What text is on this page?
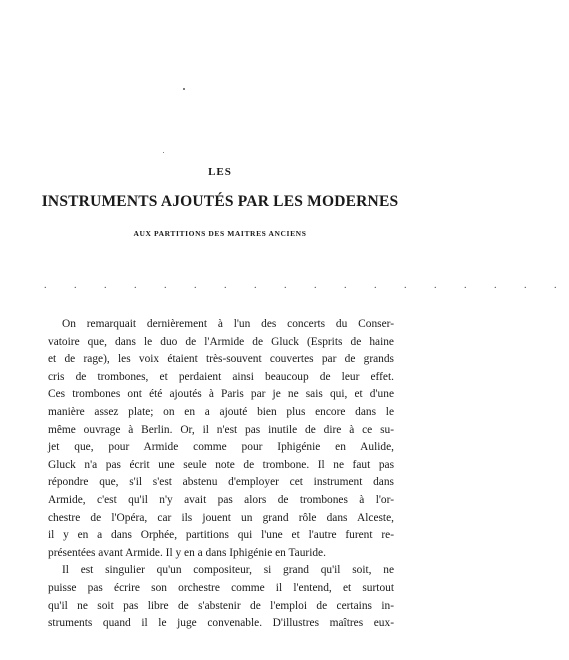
LES
INSTRUMENTS AJOUTÉS PAR LES MODERNES
AUX PARTITIONS DES MAITRES ANCIENS
. . . . . . . . . . . . . . . . . .
On remarquait dernièrement à l'un des concerts du Conser-
vatoire que, dans le duo de l'Armide de Gluck (Esprits de haine
et de rage), les voix étaient très-souvent couvertes par de grands
cris de trombones, et perdaient ainsi beaucoup de leur effet.
Ces trombones ont été ajoutés à Paris par je ne sais qui, et d'une
manière assez plate; on en a ajouté bien plus encore dans le
même ouvrage à Berlin. Or, il n'est pas inutile de dire à ce su-
jet que, pour Armide comme pour Iphigénie en Aulide,
Gluck n'a pas écrit une seule note de trombone. Il ne faut pas
répondre que, s'il s'est abstenu d'employer cet instrument dans
Armide, c'est qu'il n'y avait pas alors de trombones à l'or-
chestre de l'Opéra, car ils jouent un grand rôle dans Alceste,
il y en a dans Orphée, partitions qui l'une et l'autre furent re-
présentées avant Armide. Il y en a dans Iphigénie en Tauride.
Il est singulier qu'un compositeur, si grand qu'il soit, ne
puisse pas écrire son orchestre comme il l'entend, et surtout
qu'il ne soit pas libre de s'abstenir de l'emploi de certains in-
struments quand il le juge convenable. D'illustres maîtres eux-
